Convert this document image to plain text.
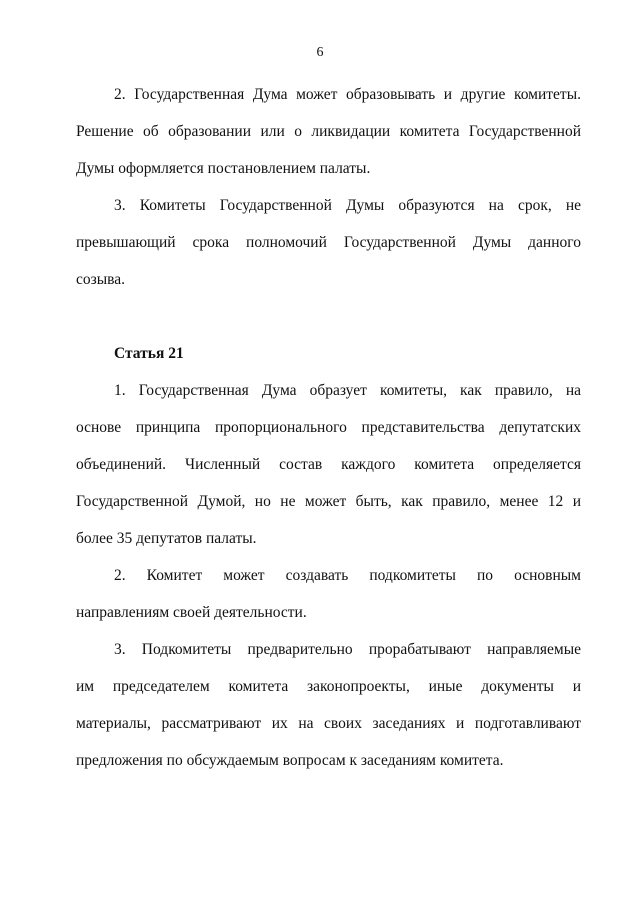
6
2. Государственная Дума может образовывать и другие комитеты.
Решение об образовании или о ликвидации комитета Государственной
Думы оформляется постановлением палаты.
3. Комитеты Государственной Думы образуются на срок, не
превышающий срока полномочий Государственной Думы данного
созыва.
Статья 21
1. Государственная Дума образует комитеты, как правило, на
основе принципа пропорционального представительства депутатских
объединений. Численный состав каждого комитета определяется
Государственной Думой, но не может быть, как правило, менее 12 и
более 35 депутатов палаты.
2. Комитет может создавать подкомитеты по основным
направлениям своей деятельности.
3. Подкомитеты предварительно прорабатывают направляемые
им председателем комитета законопроекты, иные документы и
материалы, рассматривают их на своих заседаниях и подготавливают
предложения по обсуждаемым вопросам к заседаниям комитета.
